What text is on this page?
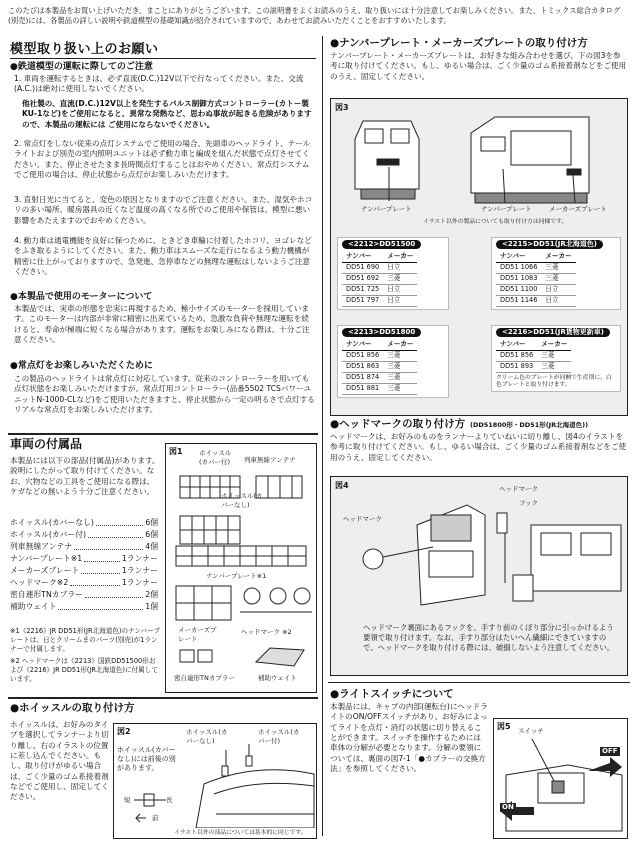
このたびは本製品をお買い上げいただき、まことにありがとうございます。この説明書をよくお読みのうえ、取り扱いには十分注意してお楽しみください。また、トミックス総合カタログ(別売)には、各製品の詳しい説明や鉄道模型の基礎知識が紹介されていますので、あわせてお読みいただくことをおすすめいたします。
模型取り扱い上のお願い
●鉄道模型の運転に際してのご注意
1. 車両を運転するときは、必ず直流(D.C.)12V以下で行なってください。また、交流(A.C.)は絶対に使用しないでください。
他社製の、直流(D.C.)12V以上を発生するパルス制御方式コントローラー(カトー製KU-1など)をご使用になると、異常な発熱など、思わぬ事故が起きる危険がありますので、本製品の運転には ご使用にならないでください。
2. 常点灯をしない従来の点灯システムでご使用の場合、先頭車のヘッドライト、テールライトおよび別売の室内照明ユニットは必ず動力車と編成を組んだ状態で点灯させてください。また、停止させたまま長時間点灯することはおやめください。常点灯システムでご使用の場合は、停止状態から点灯がお楽しみいただけます。
3. 直射日光に当てると、変色の原因となりますのでご注意ください。また、湿気やホコリの多い場所、暖房器具の近くなど温度の高くなる所でのご使用や保管は、模型に悪い影響をあたえますのでおやめください。
4. 動力車は通電機能を良好に保つために、ときどき車輪に付着したホコリ、ヨゴレなどをふき取るようにしてください。また、動力車はスムーズな走行になるよう動力機構が精密に仕上がっておりますので、急発進、急停車などの無理な運転はしないようご注意ください。
●本製品で使用のモーターについて
本製品では、実車の形態を忠実に再現するため、極小サイズのモーターを採用しています。このモーターは内部が非常に精密に出来ているため、急激な負荷や無理な運転を続けると、寿命が極端に短くなる場合があります。運転をお楽しみになる際は、十分ご注意ください。
●常点灯をお楽しみいただくために
この製品のヘッドライトは常点灯に対応しています。従来のコントローラーを用いても点灯状態をお楽しみいただけますが、常点灯用コントローラー(品番5502 TCSパワーユニットN-1000-CLなど)をご使用いただきますと、停止状態から一定の明るさで点灯するリアルな常点灯をお楽しみいただけます。
車両の付属品
本製品には以下の部品(付属品)があります。説明にしたがって取り付けてください。なお、穴物などの工具をご使用になる際は、ケガなどの無いよう十分ご注意ください。
ホイッスル(カバーなし)	6個
ホイッスル(カバー付)	6個
列車無線アンテナ	4個
ナンバープレート※1	1ランナー
メーカーズプレート	1ランナー
ヘッドマーク※2	1ランナー
密自連形TNカプラー	2個
補助ウェイト	1個
※1《2216》JR DD51形(JR北海道色)のナンバープレートは、日とクリームまのパーツ(別売)が1ランナーで付属します。
※2 ヘッドマークは《2213》国鉄DD51500形および《2216》JR DD51形(JR北海道色)に付属しています。
図1	ホイッスル(カバー付)	列車無線アンテナ
ホイッスル(カバーなし)
ナンバープレート※1
メーカーズプレート
ヘッドマーク ※2
密自連形TNカプラー	補助ウェイト
●ホイッスルの取り付け方
ホイッスルは、お好みのタイプを選択してランナーより切り離し、右のイラストの位置に差し込んでください。もし、取り付けがゆるい場合は、ごく少量のゴム系接着剤などでご使用し、固定してください。
図2
ホイッスル(カバーなし)には前後の別があります。
ホイッスル(カバーなし)
ホイッスル(カバー付)
短	長
前
イラスト以外の部品については基本的に同じです。
●ナンバープレート・メーカーズプレートの取り付け方
ナンバープレート・メーカーズプレートは、お好きな組み合わせを選び、下の図3を参考に取り付けてください。もし、ゆるい場合は、ごく少量のゴム系接着剤などをご使用のうえ、固定してください。
図3
ナンバープレート	ナンバープレート	メーカーズプレート
イラスト以外の製品についても取り付け方は同様です。
<2212>DD51500
ナンバー	メーカー
DD51 690	日立
DD51 692	三菱
DD51 725	日立
DD51 797	日立
<2215>DD51(JR北海道色)
ナンバー	メーカー
DD51 1066	三菱
DD51 1083	三菱
DD51 1100	日立
DD51 1146	日立
<2213>DD51800
ナンバー	メーカー
DD51 856	三菱
DD51 863	三菱
DD51 874	三菱
DD51 881	三菱
<2216>DD51(JR貨物更新車)
ナンバー	メーカー
DD51 856	三菱
DD51 893	三菱
クリーム色のプレートが同梱で生産別に、白色プレートと取り付けます。
●ヘッドマークの取り付け方 (DD51800形・DD51形(JR北海道色))
ヘッドマークは、お好みのものをランナーよりていねいに切り離し、図4のイラストを参考に取り付けてください。もし、ゆるい場合は、ごく少量のゴム系接着剤などをご使用のうえ、固定してください。
図4
ヘッドマーク
ヘッドマーク
フック
ヘッドマーク裏面にあるフックを、手すり前のくぼり部分に引っかけるよう要領で取り付けます。なお、手すり部分はたいへん繊細にできていますので、ヘッドマークを取り付ける際には、破損しないよう注意してください。
●ライトスイッチについて
本製品には、キャブの内部(運転台)にヘッドライトのON/OFFスイッチがあり、お好みによってライトを点灯・消灯の状態に切り替えることができます。スイッチを操作するためには車体の分解が必要となります。分解の要領については、裏面の図7-1「●カプラーの交換方法」を参照してください。
図5 スイッチ
OFF
ON
